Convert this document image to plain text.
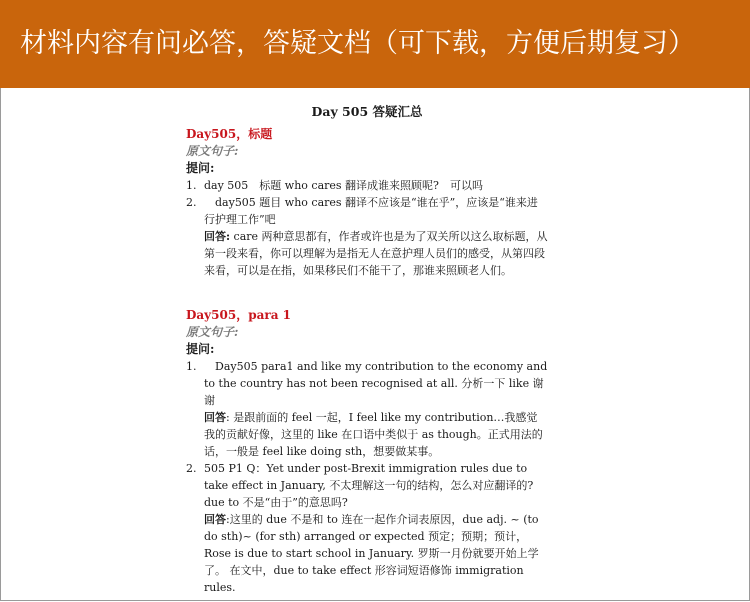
材料内容有问必答，答疑文档（可下载，方便后期复习）
Day 505 答疑汇总
Day505，标题
原文句子:
提问:
1. day 505　标题 who cares 翻译成谁来照顾呢?　可以吗
2. 　day505 题目 who cares 翻译不应该是“谁在乎”，应该是“谁来进行护理工作”吧
回答: care 两种意思都有，作者或许也是为了双关所以这么取标题，从第一段来看，你可以理解为是指无人在意护理人员们的感受，从第四段来看，可以是在指，如果移民们不能干了，那谁来照顾老人们。
Day505，para 1
原文句子:
提问:
1. 　Day505 para1 and like my contribution to the economy and to the country has not been recognised at all. 分析一下 like 谢谢
回答: 是跟前面的 feel 一起，I feel like my contribution…我感觉我的贡献好像，这里的 like 在口语中类似于 as though。正式用法的话，一般是 feel like doing sth，想要做某事。
2. 505 P1 Q：Yet under post-Brexit immigration rules due to take effect in January, 不太理解这一句的结构，怎么对应翻译的? due to 不是“由于”的意思吗?
回答:这里的 due 不是和 to 连在一起作介词表原因，due adj. ~ (to do sth)~ (for sth) arranged or expected 预定；预期；预计，Rose is due to start school in January. 罗斯一月份就要开始上学了。 在文中，due to take effect 形容词短语修饰 immigration rules.
